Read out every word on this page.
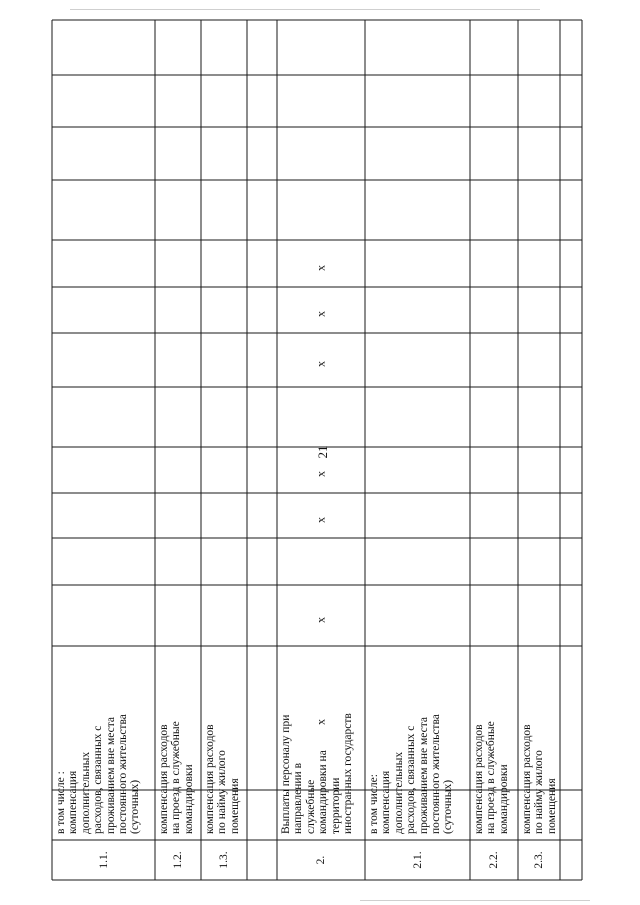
21
1.1.
в том числе : компенсация дополнительных расходов, связанных с проживанием вне места постоянного жительства (суточных)
1.2.
компенсация расходов на проезд в служебные командировки
1.3.
компенсация расходов по найму жилого помещения
2.
Выплаты персоналу при направлении в служебные командировки на территории иностранных государств
2.1.
в том числе: компенсация дополнительных расходов, связанных с проживанием вне места постоянного жительства (суточных)
2.2.
компенсация расходов на проезд в служебные командировки
2.3.
компенсация расходов по найму жилого помещения
x
x
x
x
x
x
x
